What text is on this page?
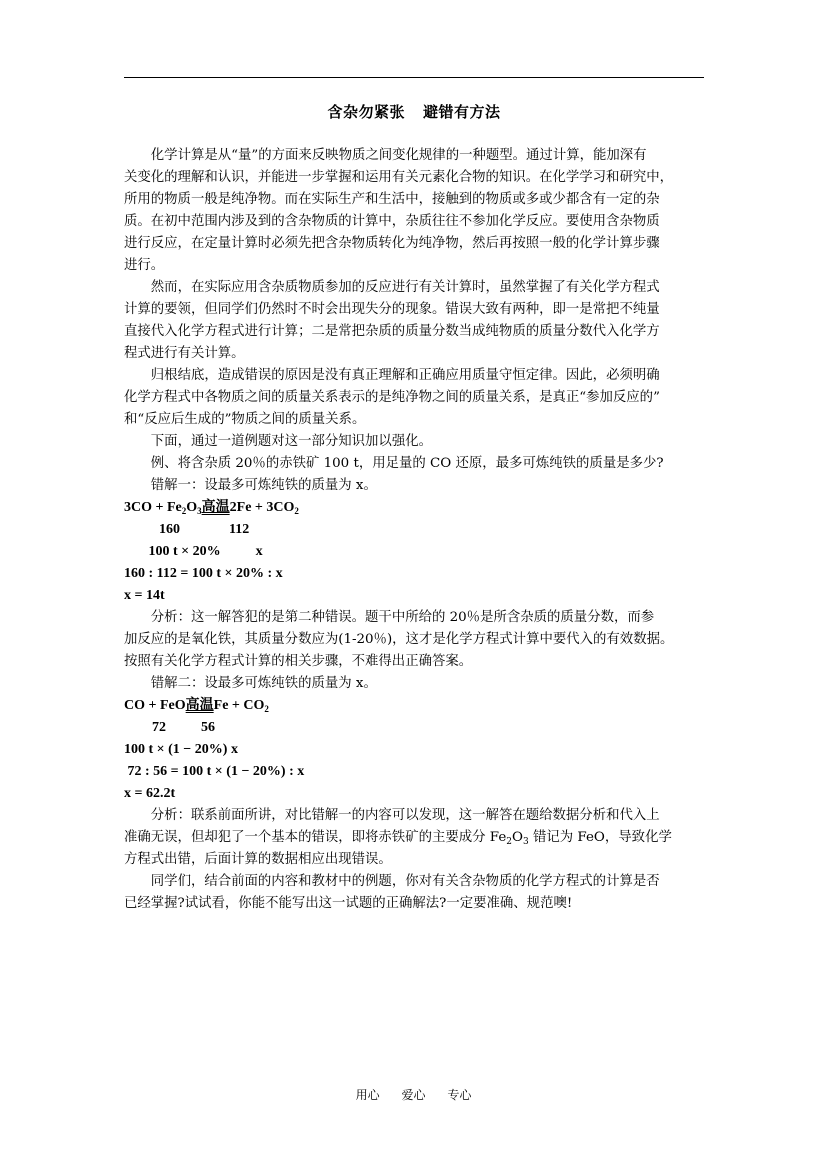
含杂勿紧张 避错有方法
化学计算是从“量”的方面来反映物质之间变化规律的一种题型。通过计算，能加深有
关变化的理解和认识，并能进一步掌握和运用有关元素化合物的知识。在化学学习和研究中，
所用的物质一般是纯净物。而在实际生产和生活中，接触到的物质或多或少都含有一定的杂
质。在初中范围内涉及到的含杂物质的计算中，杂质往往不参加化学反应。要使用含杂物质
进行反应，在定量计算时必须先把含杂物质转化为纯净物，然后再按照一般的化学计算步骤
进行。
然而，在实际应用含杂质物质参加的反应进行有关计算时，虽然掌握了有关化学方程式
计算的要领，但同学们仍然时不时会出现失分的现象。错误大致有两种，即一是常把不纯量
直接代入化学方程式进行计算；二是常把杂质的质量分数当成纯物质的质量分数代入化学方
程式进行有关计算。
归根结底，造成错误的原因是没有真正理解和正确应用质量守恒定律。因此，必须明确
化学方程式中各物质之间的质量关系表示的是纯净物之间的质量关系，是真正“参加反应的”
和“反应后生成的”物质之间的质量关系。
下面，通过一道例题对这一部分知识加以强化。
例、将含杂质 20％的赤铁矿 100 t，用足量的 CO 还原，最多可炼纯铁的质量是多少?
错解一：设最多可炼纯铁的质量为 x。
$3CO + Fe_2O_3$高温$2Fe + 3CO_2$
160              112
100 t × 20%          x
160 : 112 = 100 t × 20% : x
x = 14t
分析：这一解答犯的是第二种错误。题干中所给的 20％是所含杂质的质量分数，而参
加反应的是氧化铁，其质量分数应为(1-20％)，这才是化学方程式计算中要代入的有效数据。
按照有关化学方程式计算的相关步骤，不难得出正确答案。
错解二：设最多可炼纯铁的质量为 x。
CO + FeO高温$Fe + CO_2$
72          56
100 t × (1 − 20%) x
72 : 56 = 100 t × (1 − 20%) : x
x = 62.2t
分析：联系前面所讲，对比错解一的内容可以发现，这一解答在题给数据分析和代入上
准确无误，但却犯了一个基本的错误，即将赤铁矿的主要成分 $Fe_2O_3$ 错记为 FeO，导致化学
方程式出错，后面计算的数据相应出现错误。
同学们，结合前面的内容和教材中的例题，你对有关含杂物质的化学方程式的计算是否
已经掌握?试试看，你能不能写出这一试题的正确解法?一定要准确、规范噢!
用心 爱心 专心
